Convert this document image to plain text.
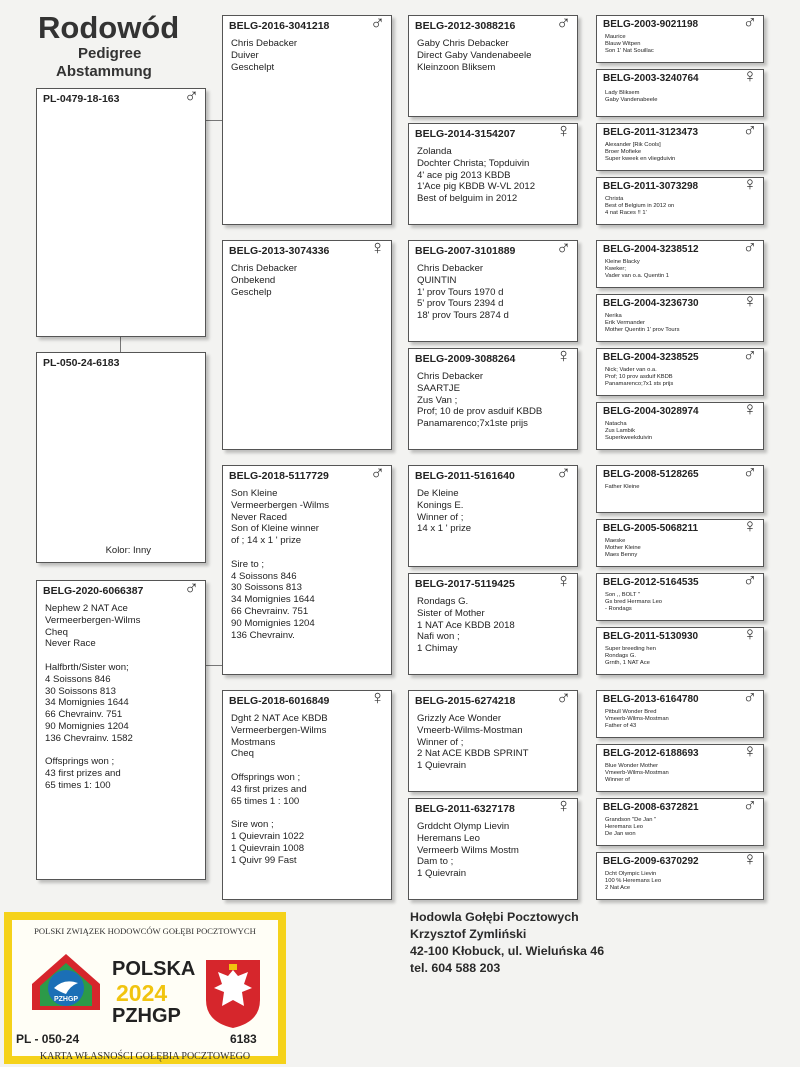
Rodowód
Pedigree
Abstammung
PL-0479-18-163	♂
PL-050-24-6183
Kolor: Inny
BELG-2020-6066387 ♂
Nephew 2 NAT Ace
Vermeerbergen-Wilms
Cheq
Never Race

Halfbrth/Sister won;
4 Soissons 846
30 Soissons 813
34 Momignies 1644
66 Chevrainv. 751
90 Momignies 1204
136 Chevrainv. 1582

Offsprings won ;
43 first prizes and
65 times 1: 100
BELG-2016-3041218 ♂
Chris Debacker
Duiver
Geschelpt
BELG-2013-3074336 ♀
Chris Debacker
Onbekend
Geschelp
BELG-2018-5117729 ♂
Son Kleine
Vermeerbergen -Wilms
Never Raced
Son of Kleine winner
of ; 14 x 1 ' prize

Sire to ;
4 Soissons 846
30 Soissons 813
34 Momignies 1644
66 Chevrainv. 751
90 Momignies 1204
136 Chevrainv.
BELG-2018-6016849 ♀
Dght 2 NAT Ace KBDB
Vermeerbergen-Wilms
Mostmans
Cheq

Offsprings won ;
43 first prizes and
65 times 1 : 100

Sire won ;
1 Quievrain 1022
1 Quievrain 1008
1 Quivr 99 Fast
BELG-2012-3088216 ♂
Gaby Chris Debacker
Direct Gaby Vandenabeele
Kleinzoon Bliksem
BELG-2014-3154207 ♀
Zolanda
Dochter Christa; Topduivin
4' ace pig 2013 KBDB
1'Ace pig KBDB W-VL 2012
Best of belguim in 2012
BELG-2007-3101889 ♂
Chris Debacker
QUINTIN
1' prov Tours 1970 d
5' prov Tours 2394 d
18' prov Tours 2874 d
BELG-2009-3088264 ♀
Chris Debacker
SAARTJE
Zus Van ;
Prof; 10 de prov asduif KBDB
Panamarenco;7x1ste prijs
BELG-2011-5161640 ♂
De Kleine
Konings E.
Winner of ;
14 x 1 ' prize
BELG-2017-5119425 ♀
Rondags G.
Sister of Mother
1 NAT Ace KBDB 2018
Nafi won ;
1 Chimay
BELG-2015-6274218 ♂
Grizzly Ace Wonder
Vmeerb-Wilms-Mostman
Winner of ;
2 Nat ACE KBDB SPRINT
1 Quievrain
BELG-2011-6327178 ♀
Grddcht Olymp Lievin
Heremans Leo
Vermeerb Wilms Mostm
Dam to ;
1 Quievrain
BELG-2003-9021198 ♂
Maurice
Blauw Witpen
Son 1' Nat Souillac
BELG-2003-3240764 ♀
Lady Bliksem
Gaby Vandenabeele
BELG-2011-3123473 ♂
Alexander [Rik Cools]
Broer Mofieke
Super kweek en vliegduivin
BELG-2011-3073298 ♀
Christa
Best of Belgium in 2012 on
4 nat Races !! 1'
BELG-2004-3238512 ♂
Kleine Blacky
Kweker;
Vader van o.a. Quentin 1
BELG-2004-3236730 ♀
Nerika
Erik Vermander
Mother Quentin 1' prov Tours
BELG-2004-3238525 ♂
Nick; Vader van o.a.
Prof; 10 prov asduif KBDB
Panamarenco;7x1 sts prijs
BELG-2004-3028974 ♀
Natacha
Zus Lambik
Superkweekduivin
BELG-2008-5128265 ♂
Father Kleine
BELG-2005-5068211 ♀
Maeske
Mother Kleine
Maes Benny
BELG-2012-5164535 ♂
Son ,, BOLT "
Gs bred Hermans Leo
- Rondags
BELG-2011-5130930 ♀
Super breeding hen
Rondags G.
Grnth, 1 NAT Ace
BELG-2013-6164780 ♂
Pitbull Wonder Bred
Vmeerb-Wilms-Mostman
Father of 43
BELG-2012-6188693 ♀
Blue Wonder Mother
Vmeerb-Wilms-Mostman
Winner of
BELG-2008-6372821 ♂
Grandson "De Jan "
Heremans Leo
De Jan won
BELG-2009-6370292 ♀
Dcht Olympic Lievin
100 % Heremans Leo
2 Nat Ace
Hodowla Gołębi Pocztowych
Krzysztof Zymliński
42-100 Kłobuck, ul. Wieluńska 46
tel. 604 588 203
POLSKI ZWIĄZEK HODOWCÓW GOŁĘBI POCZTOWYCH
PZHGP
POLSKA
2024
PZHGP
PL - 050-24	6183
KARTA WŁASNOŚCI GOŁĘBIA POCZTOWEGO
